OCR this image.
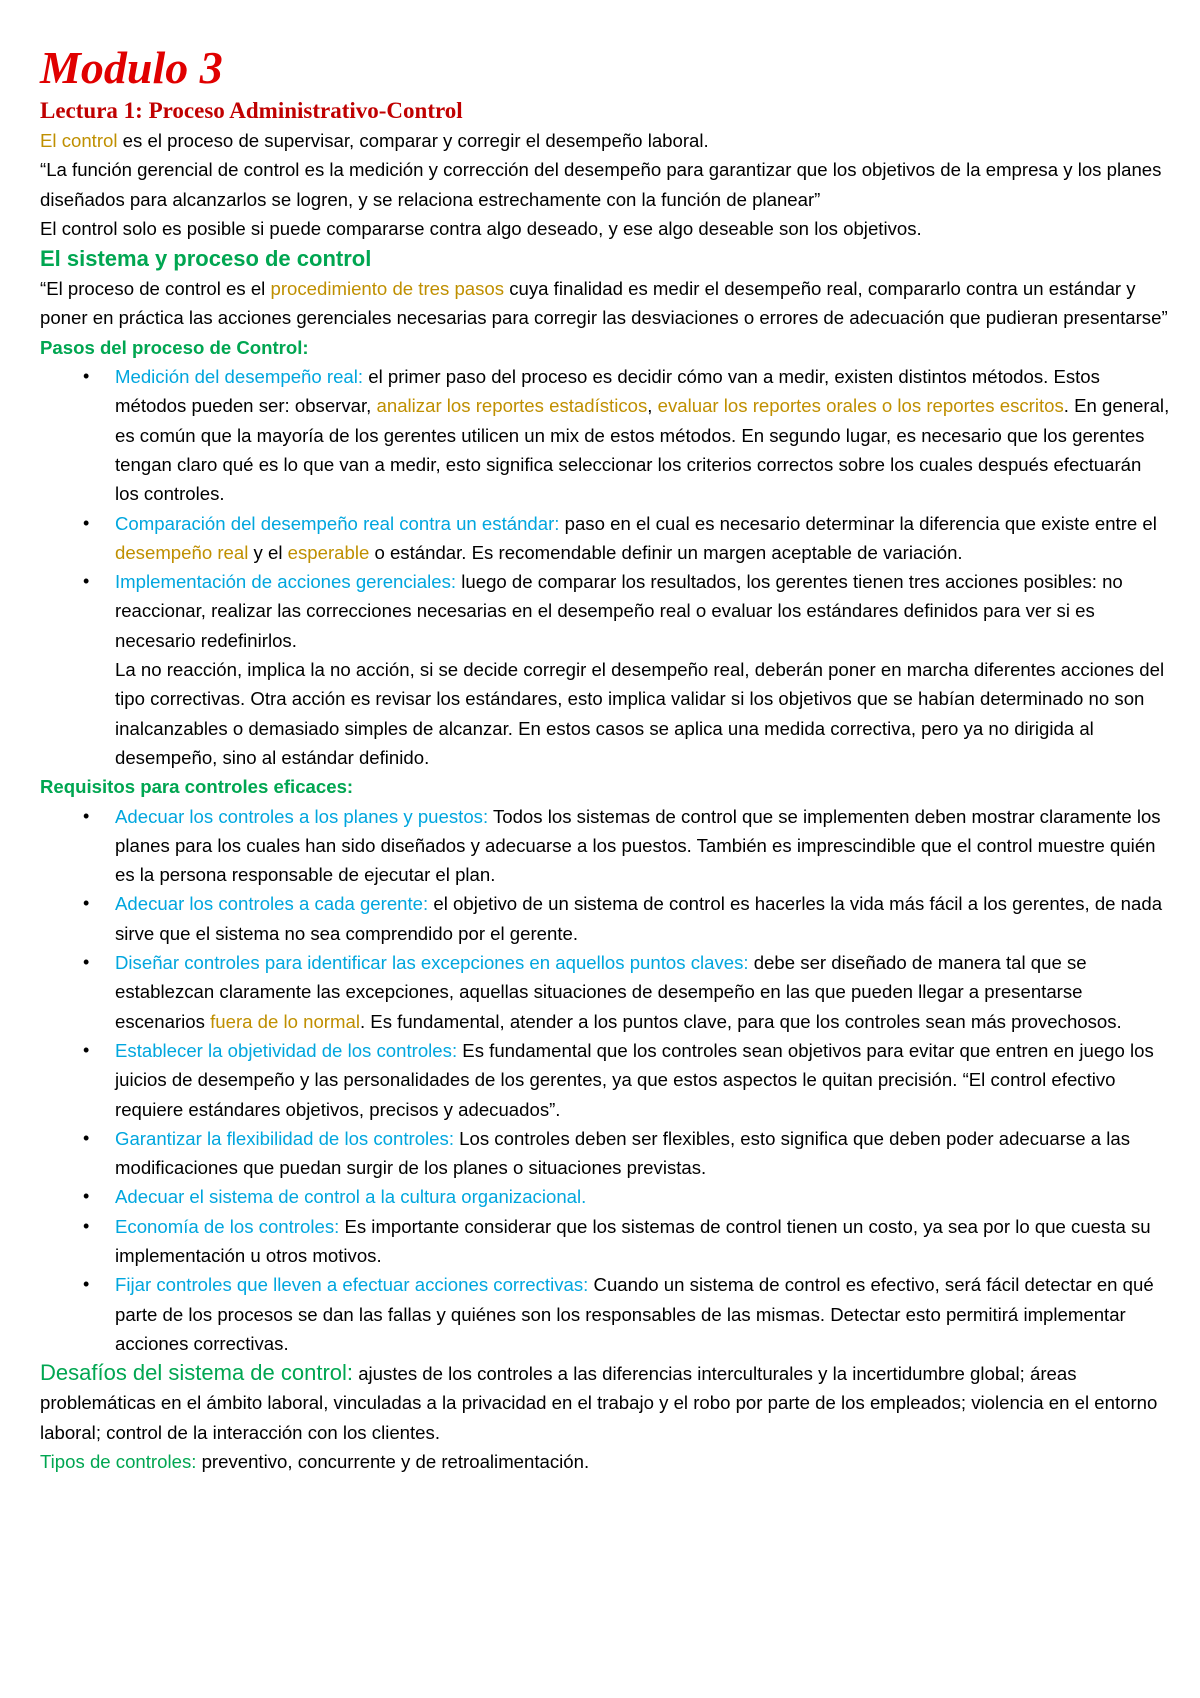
Modulo 3
Lectura 1: Proceso Administrativo-Control

El control es el proceso de supervisar, comparar y corregir el desempeño laboral.

“La función gerencial de control es la medición y corrección del desempeño para garantizar que los objetivos de la empresa y los planes diseñados para alcanzarlos se logren, y se relaciona estrechamente con la función de planear”

El control solo es posible si puede compararse contra algo deseado, y ese algo deseable son los objetivos.

El sistema y proceso de control

“El proceso de control es el procedimiento de tres pasos cuya finalidad es medir el desempeño real, compararlo contra un estándar y poner en práctica las acciones gerenciales necesarias para corregir las desviaciones o errores de adecuación que pudieran presentarse”

Pasos del proceso de Control:
• Medición del desempeño real: el primer paso del proceso es decidir cómo van a medir, existen distintos métodos. Estos métodos pueden ser: observar, analizar los reportes estadísticos, evaluar los reportes orales o los reportes escritos. En general, es común que la mayoría de los gerentes utilicen un mix de estos métodos. En segundo lugar, es necesario que los gerentes tengan claro qué es lo que van a medir, esto significa seleccionar los criterios correctos sobre los cuales después efectuarán los controles.
• Comparación del desempeño real contra un estándar: paso en el cual es necesario determinar la diferencia que existe entre el desempeño real y el esperable o estándar. Es recomendable definir un margen aceptable de variación.
• Implementación de acciones gerenciales: luego de comparar los resultados, los gerentes tienen tres acciones posibles: no reaccionar, realizar las correcciones necesarias en el desempeño real o evaluar los estándares definidos para ver si es necesario redefinirlos.

La no reacción, implica la no acción, si se decide corregir el desempeño real, deberán poner en marcha diferentes acciones del tipo correctivas. Otra acción es revisar los estándares, esto implica validar si los objetivos que se habían determinado no son inalcanzables o demasiado simples de alcanzar. En estos casos se aplica una medida correctiva, pero ya no dirigida al desempeño, sino al estándar definido.

Requisitos para controles eficaces:
• Adecuar los controles a los planes y puestos: Todos los sistemas de control que se implementen deben mostrar claramente los planes para los cuales han sido diseñados y adecuarse a los puestos. También es imprescindible que el control muestre quién es la persona responsable de ejecutar el plan.
• Adecuar los controles a cada gerente: el objetivo de un sistema de control es hacerles la vida más fácil a los gerentes, de nada sirve que el sistema no sea comprendido por el gerente.
• Diseñar controles para identificar las excepciones en aquellos puntos claves: debe ser diseñado de manera tal que se establezcan claramente las excepciones, aquellas situaciones de desempeño en las que pueden llegar a presentarse escenarios fuera de lo normal. Es fundamental, atender a los puntos clave, para que los controles sean más provechosos.
• Establecer la objetividad de los controles: Es fundamental que los controles sean objetivos para evitar que entren en juego los juicios de desempeño y las personalidades de los gerentes, ya que estos aspectos le quitan precisión. “El control efectivo requiere estándares objetivos, precisos y adecuados”.
• Garantizar la flexibilidad de los controles: Los controles deben ser flexibles, esto significa que deben poder adecuarse a las modificaciones que puedan surgir de los planes o situaciones previstas.
• Adecuar el sistema de control a la cultura organizacional.
• Economía de los controles: Es importante considerar que los sistemas de control tienen un costo, ya sea por lo que cuesta su implementación u otros motivos.
• Fijar controles que lleven a efectuar acciones correctivas: Cuando un sistema de control es efectivo, será fácil detectar en qué parte de los procesos se dan las fallas y quiénes son los responsables de las mismas. Detectar esto permitirá implementar acciones correctivas.

Desafíos del sistema de control: ajustes de los controles a las diferencias interculturales y la incertidumbre global; áreas problemáticas en el ámbito laboral, vinculadas a la privacidad en el trabajo y el robo por parte de los empleados; violencia en el entorno laboral; control de la interacción con los clientes.

Tipos de controles: preventivo, concurrente y de retroalimentación.
